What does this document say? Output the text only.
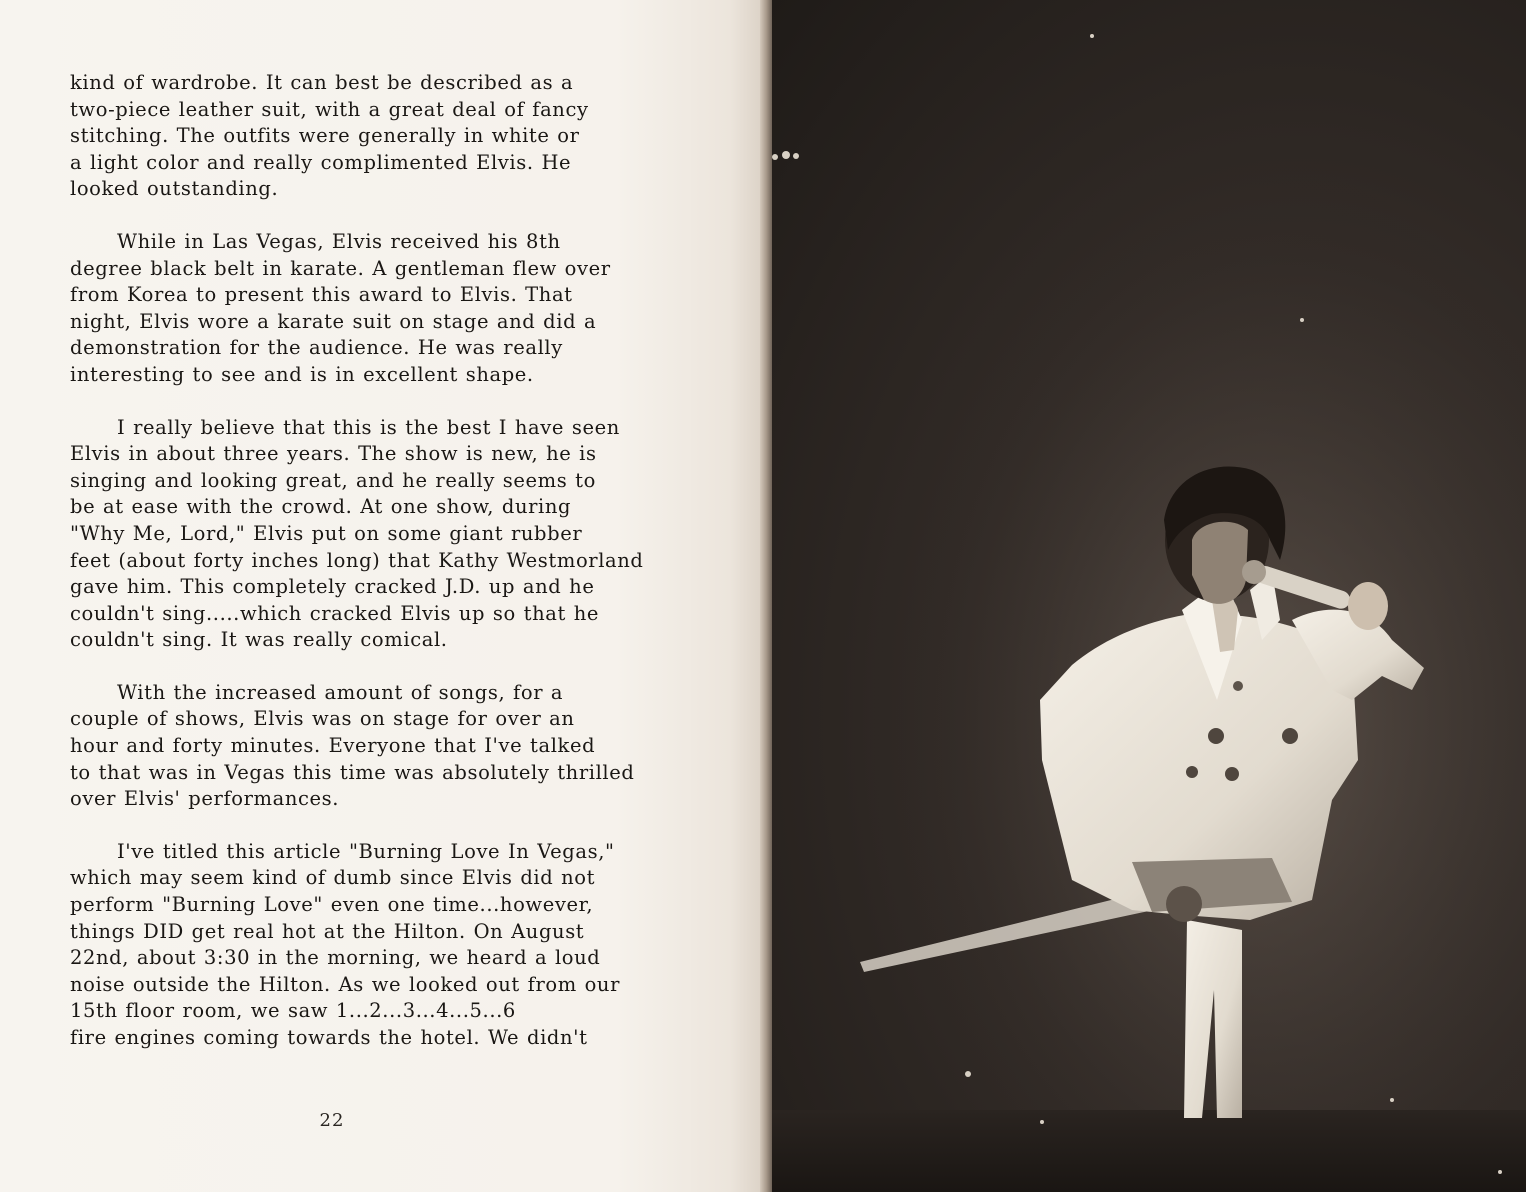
kind of wardrobe. It can best be described as a
two-piece leather suit, with a great deal of fancy
stitching. The outfits were generally in white or
a light color and really complimented Elvis. He
looked outstanding.
While in Las Vegas, Elvis received his 8th
degree black belt in karate. A gentleman flew over
from Korea to present this award to Elvis. That
night, Elvis wore a karate suit on stage and did a
demonstration for the audience. He was really
interesting to see and is in excellent shape.
I really believe that this is the best I have seen
Elvis in about three years. The show is new, he is
singing and looking great, and he really seems to
be at ease with the crowd. At one show, during
"Why Me, Lord," Elvis put on some giant rubber
feet (about forty inches long) that Kathy Westmorland
gave him. This completely cracked J.D. up and he
couldn't sing.....which cracked Elvis up so that he
couldn't sing. It was really comical.
With the increased amount of songs, for a
couple of shows, Elvis was on stage for over an
hour and forty minutes. Everyone that I've talked
to that was in Vegas this time was absolutely thrilled
over Elvis' performances.
I've titled this article "Burning Love In Vegas,"
which may seem kind of dumb since Elvis did not
perform "Burning Love" even one time...however,
things DID get real hot at the Hilton. On August
22nd, about 3:30 in the morning, we heard a loud
noise outside the Hilton. As we looked out from our
15th floor room, we saw 1...2...3...4...5...6
fire engines coming towards the hotel. We didn't
22
